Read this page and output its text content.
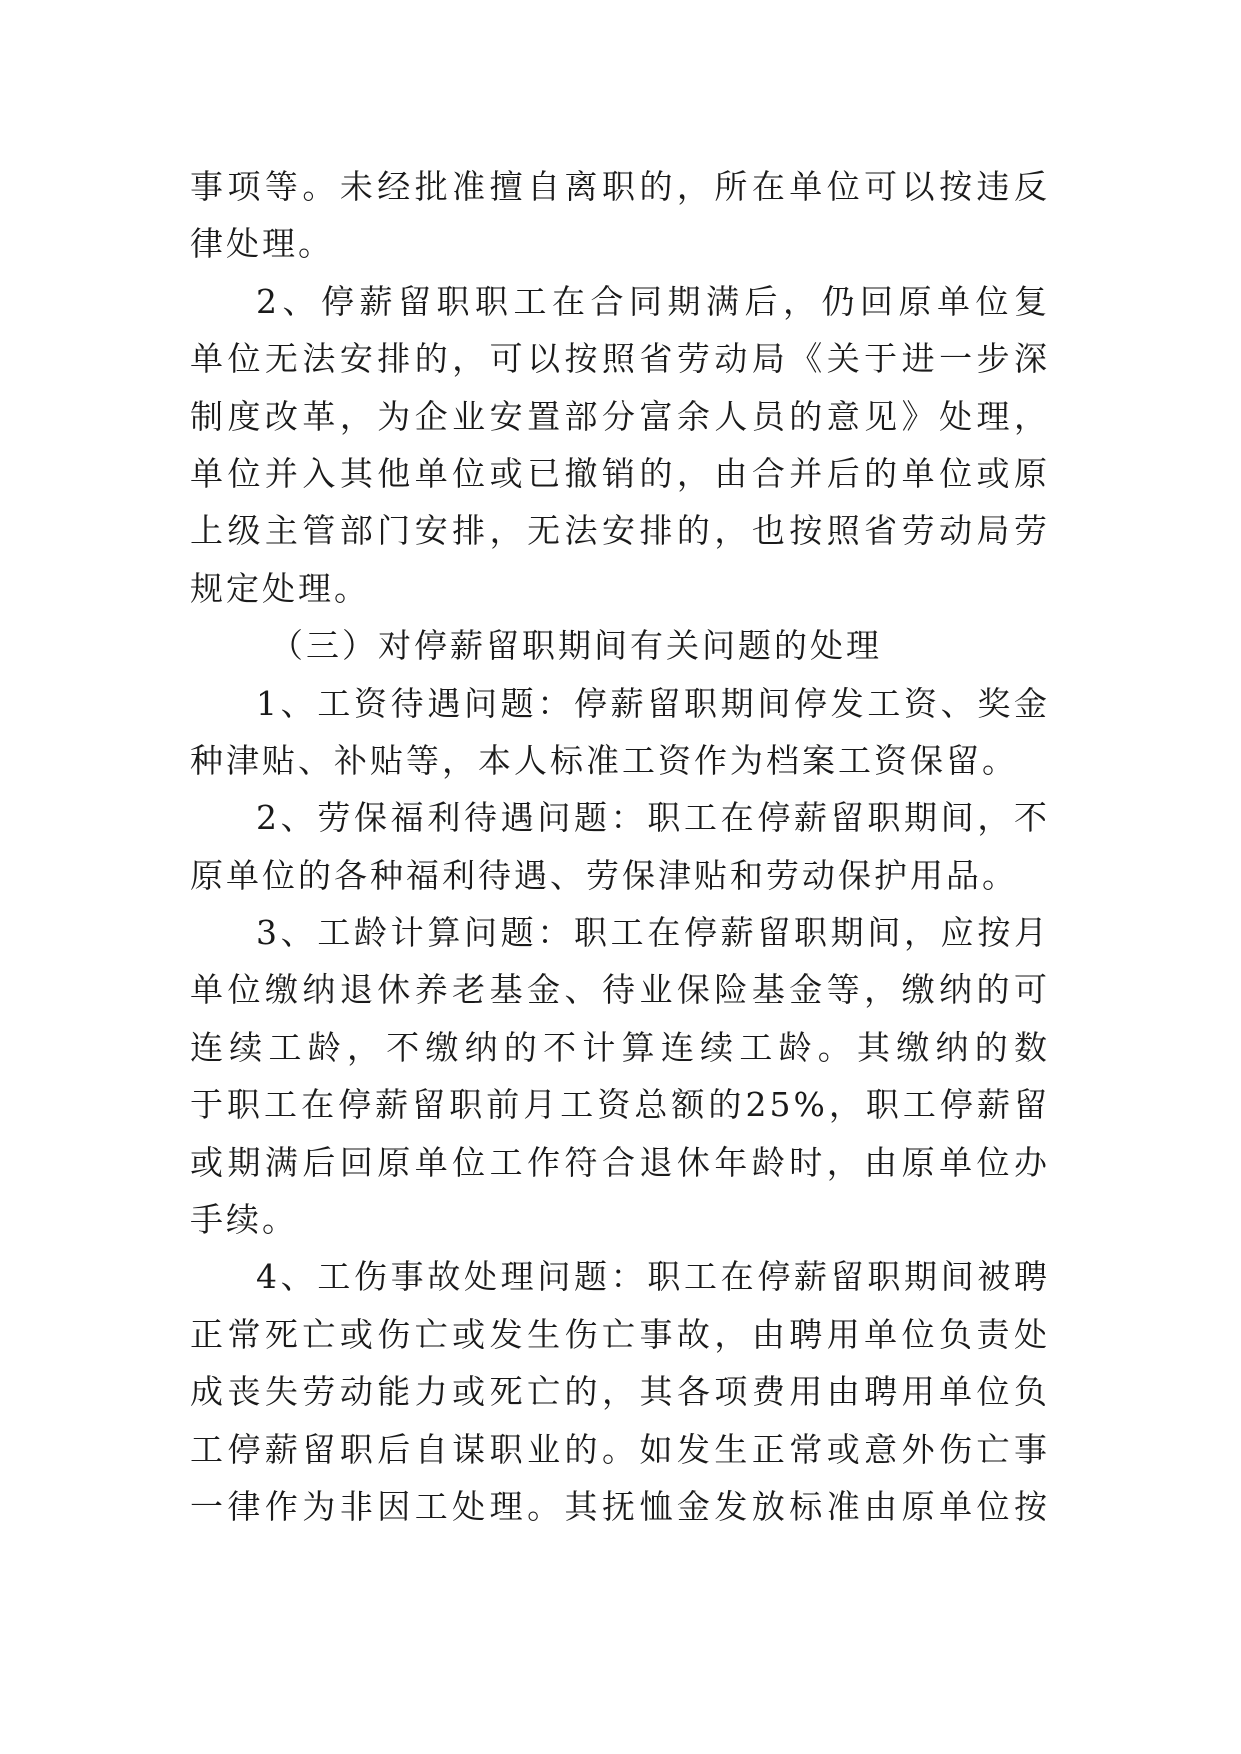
事项等。未经批准擅自离职的，所在单位可以按违反
律处理。
2、停薪留职职工在合同期满后，仍回原单位复
单位无法安排的，可以按照省劳动局《关于进一步深
制度改革，为企业安置部分富余人员的意见》处理，
单位并入其他单位或已撤销的，由合并后的单位或原
上级主管部门安排，无法安排的，也按照省劳动局劳
规定处理。
（三）对停薪留职期间有关问题的处理
1、工资待遇问题：停薪留职期间停发工资、奖金
种津贴、补贴等，本人标准工资作为档案工资保留。
2、劳保福利待遇问题：职工在停薪留职期间，不
原单位的各种福利待遇、劳保津贴和劳动保护用品。
3、工龄计算问题：职工在停薪留职期间，应按月
单位缴纳退休养老基金、待业保险基金等，缴纳的可
连续工龄，不缴纳的不计算连续工龄。其缴纳的数
于职工在停薪留职前月工资总额的25%，职工停薪留
或期满后回原单位工作符合退休年龄时，由原单位办
手续。
4、工伤事故处理问题：职工在停薪留职期间被聘
正常死亡或伤亡或发生伤亡事故，由聘用单位负责处
成丧失劳动能力或死亡的，其各项费用由聘用单位负
工停薪留职后自谋职业的。如发生正常或意外伤亡事
一律作为非因工处理。其抚恤金发放标准由原单位按
